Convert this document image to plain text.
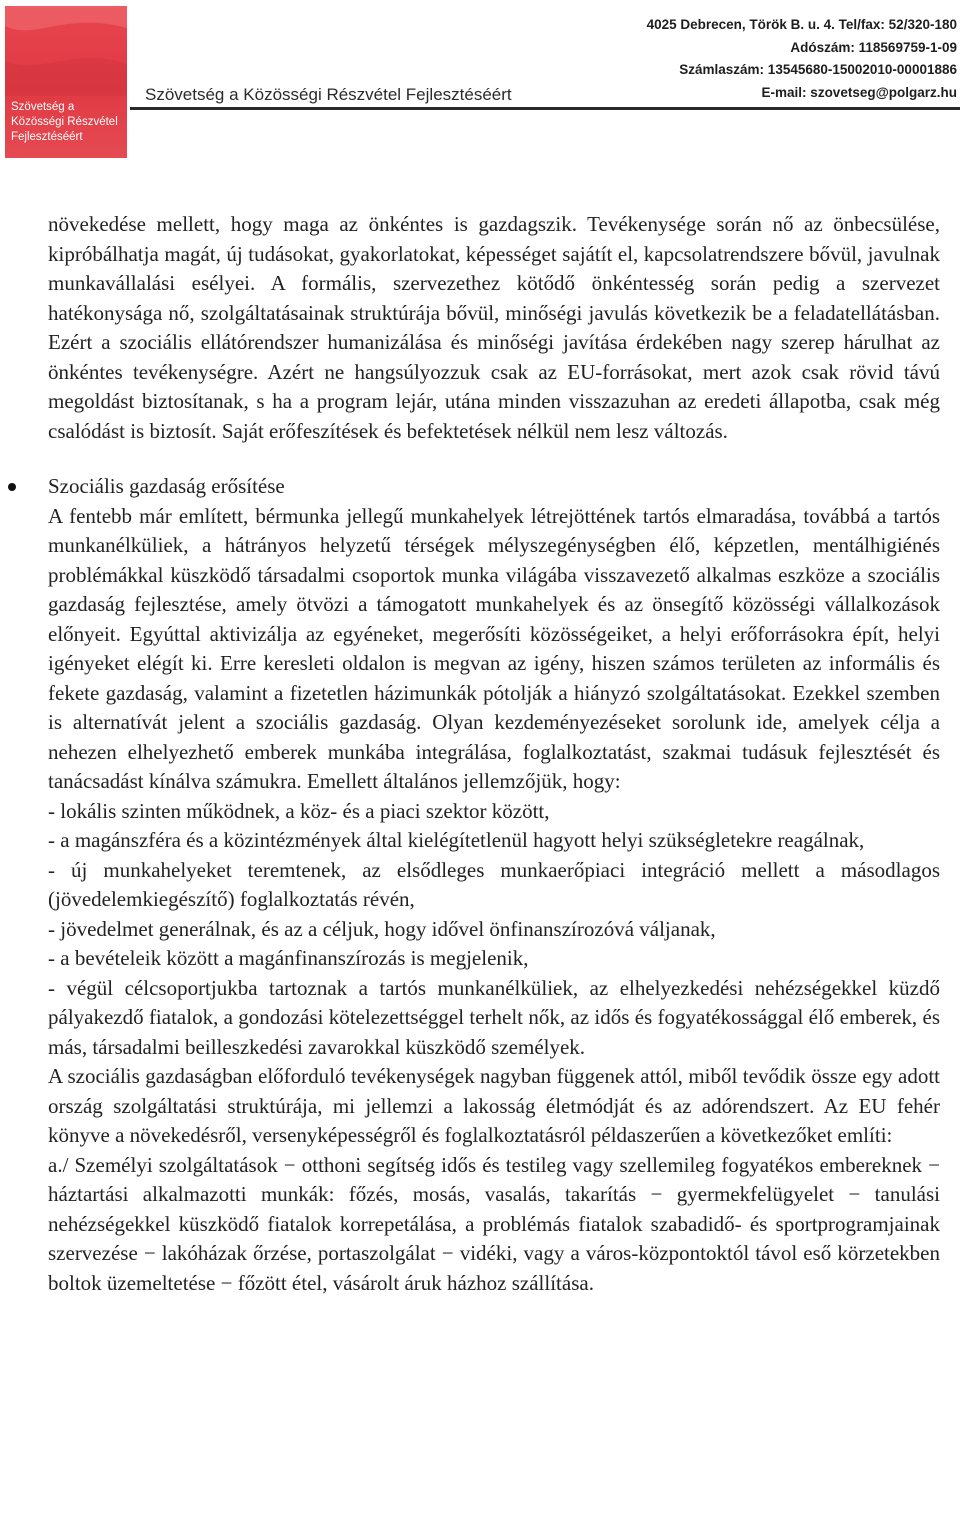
Szövetség a
Közösségi Részvétel
Fejlesztéséért
Szövetség a Közösségi Részvétel Fejlesztéséért
4025 Debrecen, Török B. u. 4. Tel/fax: 52/320-180
Adószám: 118569759-1-09
Számlaszám: 13545680-15002010-00001886
E-mail: szovetseg@polgarz.hu

növekedése mellett, hogy maga az önkéntes is gazdagszik. Tevékenysége során nő az önbecsülése, kipróbálhatja magát, új tudásokat, gyakorlatokat, képességet sajátít el, kapcsolatrendszere bővül, javulnak munkavállalási esélyei. A formális, szervezethez kötődő önkéntesség során pedig a szervezet hatékonysága nő, szolgáltatásainak struktúrája bővül, minőségi javulás következik be a feladatellátásban. Ezért a szociális ellátórendszer humanizálása és minőségi javítása érdekében nagy szerep hárulhat az önkéntes tevékenységre. Azért ne hangsúlyozzuk csak az EU-forrásokat, mert azok csak rövid távú megoldást biztosítanak, s ha a program lejár, utána minden visszazuhan az eredeti állapotba, csak még csalódást is biztosít. Saját erőfeszítések és befektetések nélkül nem lesz változás.

Szociális gazdaság erősítése

A fentebb már említett, bérmunka jellegű munkahelyek létrejöttének tartós elmaradása, továbbá a tartós munkanélküliek, a hátrányos helyzetű térségek mélyszegénységben élő, képzetlen, mentálhigiénés problémákkal küszködő társadalmi csoportok munka világába visszavezető alkalmas eszköze a szociális gazdaság fejlesztése, amely ötvözi a támogatott munkahelyek és az önsegítő közösségi vállalkozások előnyeit. Egyúttal aktivizálja az egyéneket, megerősíti közösségeiket, a helyi erőforrásokra épít, helyi igényeket elégít ki. Erre keresleti oldalon is megvan az igény, hiszen számos területen az informális és fekete gazdaság, valamint a fizetetlen házimunkák pótolják a hiányzó szolgáltatásokat. Ezekkel szemben is alternatívát jelent a szociális gazdaság. Olyan kezdeményezéseket sorolunk ide, amelyek célja a nehezen elhelyezhető emberek munkába integrálása, foglalkoztatást, szakmai tudásuk fejlesztését és tanácsadást kínálva számukra. Emellett általános jellemzőjük, hogy:

- lokális szinten működnek, a köz- és a piaci szektor között,

- a magánszféra és a közintézmények által kielégítetlenül hagyott helyi szükségletekre reagálnak,

- új munkahelyeket teremtenek, az elsődleges munkaerőpiaci integráció mellett a másodlagos (jövedelemkiegészítő) foglalkoztatás révén,

- jövedelmet generálnak, és az a céljuk, hogy idővel önfinanszírozóvá váljanak,

- a bevételeik között a magánfinanszírozás is megjelenik,

- végül célcsoportjukba tartoznak a tartós munkanélküliek, az elhelyezkedési nehézségekkel küzdő pályakezdő fiatalok, a gondozási kötelezettséggel terhelt nők, az idős és fogyatékossággal élő emberek, és más, társadalmi beilleszkedési zavarokkal küszködő személyek.

A szociális gazdaságban előforduló tevékenységek nagyban függenek attól, miből tevődik össze egy adott ország szolgáltatási struktúrája, mi jellemzi a lakosság életmódját és az adórendszert. Az EU fehér könyve a növekedésről, versenyképességről és foglalkoztatásról példaszerűen a következőket említi:

a./ Személyi szolgáltatások − otthoni segítség idős és testileg vagy szellemileg fogyatékos embereknek − háztartási alkalmazotti munkák: főzés, mosás, vasalás, takarítás − gyermekfelügyelet − tanulási nehézségekkel küszködő fiatalok korrepetálása, a problémás fiatalok szabadidő- és sportprogramjainak szervezése − lakóházak őrzése, portaszolgálat − vidéki, vagy a város-központoktól távol eső körzetekben boltok üzemeltetése − főzött étel, vásárolt áruk házhoz szállítása.
